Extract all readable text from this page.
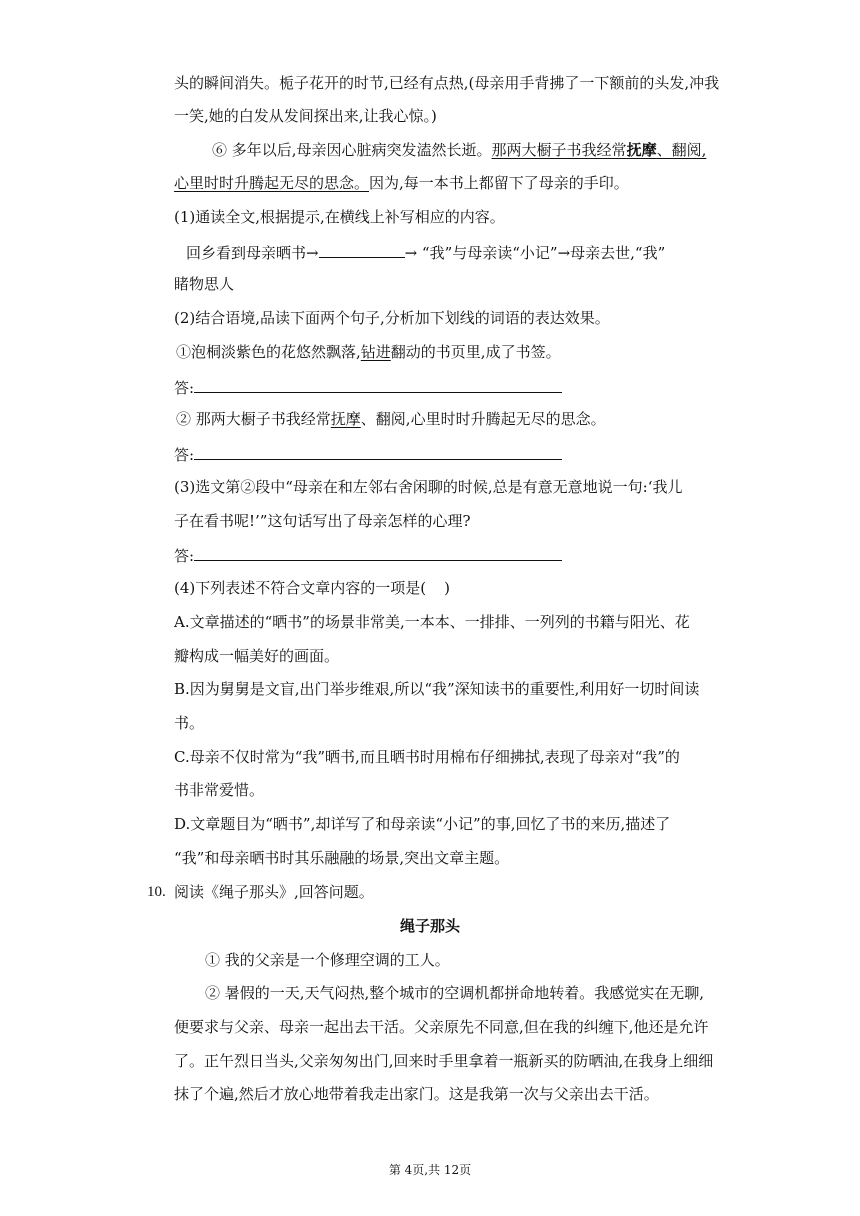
头的瞬间消失。栀子花开的时节,已经有点热,(母亲用手背拂了一下额前的头发,冲我
一笑,她的白发从发间探出来,让我心惊。)
⑥ 多年以后,母亲因心脏病突发溘然长逝。那两大橱子书我经常抚摩、翻阅,
心里时时升腾起无尽的思念。因为,每一本书上都留下了母亲的手印。
(1)通读全文,根据提示,在横线上补写相应的内容。
回乡看到母亲晒书→	→ “我”与母亲读“小记”→母亲去世,“我”
睹物思人
(2)结合语境,品读下面两个句子,分析加下划线的词语的表达效果。
①泡桐淡紫色的花悠然飘落,钻进翻动的书页里,成了书签。
答:
② 那两大橱子书我经常抚摩、翻阅,心里时时升腾起无尽的思念。
答:
(3)选文第②段中“母亲在和左邻右舍闲聊的时候,总是有意无意地说一句:‘我儿
子在看书呢!’”这句话写出了母亲怎样的心理?
答:
(4)下列表述不符合文章内容的一项是( )
A.文章描述的“晒书”的场景非常美,一本本、一排排、一列列的书籍与阳光、花
瓣构成一幅美好的画面。
B.因为舅舅是文盲,出门举步维艰,所以“我”深知读书的重要性,利用好一切时间读
书。
C.母亲不仅时常为“我”晒书,而且晒书时用棉布仔细拂拭,表现了母亲对“我”的
书非常爱惜。
D.文章题目为“晒书”,却详写了和母亲读“小记”的事,回忆了书的来历,描述了
“我”和母亲晒书时其乐融融的场景,突出文章主题。
10. 阅读《绳子那头》,回答问题。
绳子那头
① 我的父亲是一个修理空调的工人。
② 暑假的一天,天气闷热,整个城市的空调机都拼命地转着。我感觉实在无聊,
便要求与父亲、母亲一起出去干活。父亲原先不同意,但在我的纠缠下,他还是允许
了。正午烈日当头,父亲匆匆出门,回来时手里拿着一瓶新买的防晒油,在我身上细细
抹了个遍,然后才放心地带着我走出家门。这是我第一次与父亲出去干活。
第 4页,共 12页
